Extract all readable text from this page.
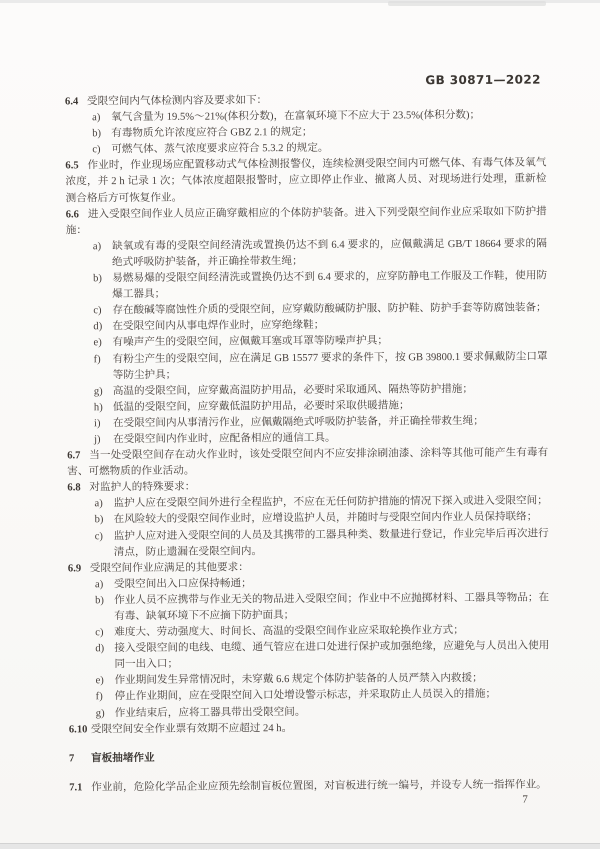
GB 30871—2022

6.4 受限空间内气体检测内容及要求如下：

a) 氧气含量为 19.5%～21%(体积分数)，在富氧环境下不应大于 23.5%(体积分数)；

b) 有毒物质允许浓度应符合 GBZ 2.1 的规定；

c) 可燃气体、蒸气浓度要求应符合 5.3.2 的规定。

6.5 作业时，作业现场应配置移动式气体检测报警仪，连续检测受限空间内可燃气体、有毒气体及氧气浓度，并 2 h 记录 1 次；气体浓度超限报警时，应立即停止作业、撤离人员、对现场进行处理，重新检测合格后方可恢复作业。

6.6 进入受限空间作业人员应正确穿戴相应的个体防护装备。进入下列受限空间作业应采取如下防护措施：

a) 缺氧或有毒的受限空间经清洗或置换仍达不到 6.4 要求的，应佩戴满足 GB/T 18664 要求的隔绝式呼吸防护装备，并正确拴带救生绳；

b) 易燃易爆的受限空间经清洗或置换仍达不到 6.4 要求的，应穿防静电工作服及工作鞋，使用防爆工器具；

c) 存在酸碱等腐蚀性介质的受限空间，应穿戴防酸碱防护服、防护鞋、防护手套等防腐蚀装备；

d) 在受限空间内从事电焊作业时，应穿绝缘鞋；

e) 有噪声产生的受限空间，应佩戴耳塞或耳罩等防噪声护具；

f) 有粉尘产生的受限空间，应在满足 GB 15577 要求的条件下，按 GB 39800.1 要求佩戴防尘口罩等防尘护具；

g) 高温的受限空间，应穿戴高温防护用品，必要时采取通风、隔热等防护措施；

h) 低温的受限空间，应穿戴低温防护用品，必要时采取供暖措施；

i) 在受限空间内从事清污作业，应佩戴隔绝式呼吸防护装备，并正确拴带救生绳；

j) 在受限空间内作业时，应配备相应的通信工具。

6.7 当一处受限空间存在动火作业时，该处受限空间内不应安排涂刷油漆、涂料等其他可能产生有毒有害、可燃物质的作业活动。

6.8 对监护人的特殊要求：

a) 监护人应在受限空间外进行全程监护，不应在无任何防护措施的情况下探入或进入受限空间；

b) 在风险较大的受限空间作业时，应增设监护人员，并随时与受限空间内作业人员保持联络；

c) 监护人应对进入受限空间的人员及其携带的工器具种类、数量进行登记，作业完毕后再次进行清点，防止遗漏在受限空间内。

6.9 受限空间作业应满足的其他要求：

a) 受限空间出入口应保持畅通；

b) 作业人员不应携带与作业无关的物品进入受限空间；作业中不应抛掷材料、工器具等物品；在有毒、缺氧环境下不应摘下防护面具；

c) 难度大、劳动强度大、时间长、高温的受限空间作业应采取轮换作业方式；

d) 接入受限空间的电线、电缆、通气管应在进口处进行保护或加强绝缘，应避免与人员出入使用同一出入口；

e) 作业期间发生异常情况时，未穿戴 6.6 规定个体防护装备的人员严禁入内救援；

f) 停止作业期间，应在受限空间入口处增设警示标志，并采取防止人员误入的措施；

g) 作业结束后，应将工器具带出受限空间。

6.10 受限空间安全作业票有效期不应超过 24 h。

7 盲板抽堵作业

7.1 作业前，危险化学品企业应预先绘制盲板位置图，对盲板进行统一编号，并设专人统一指挥作业。

7
